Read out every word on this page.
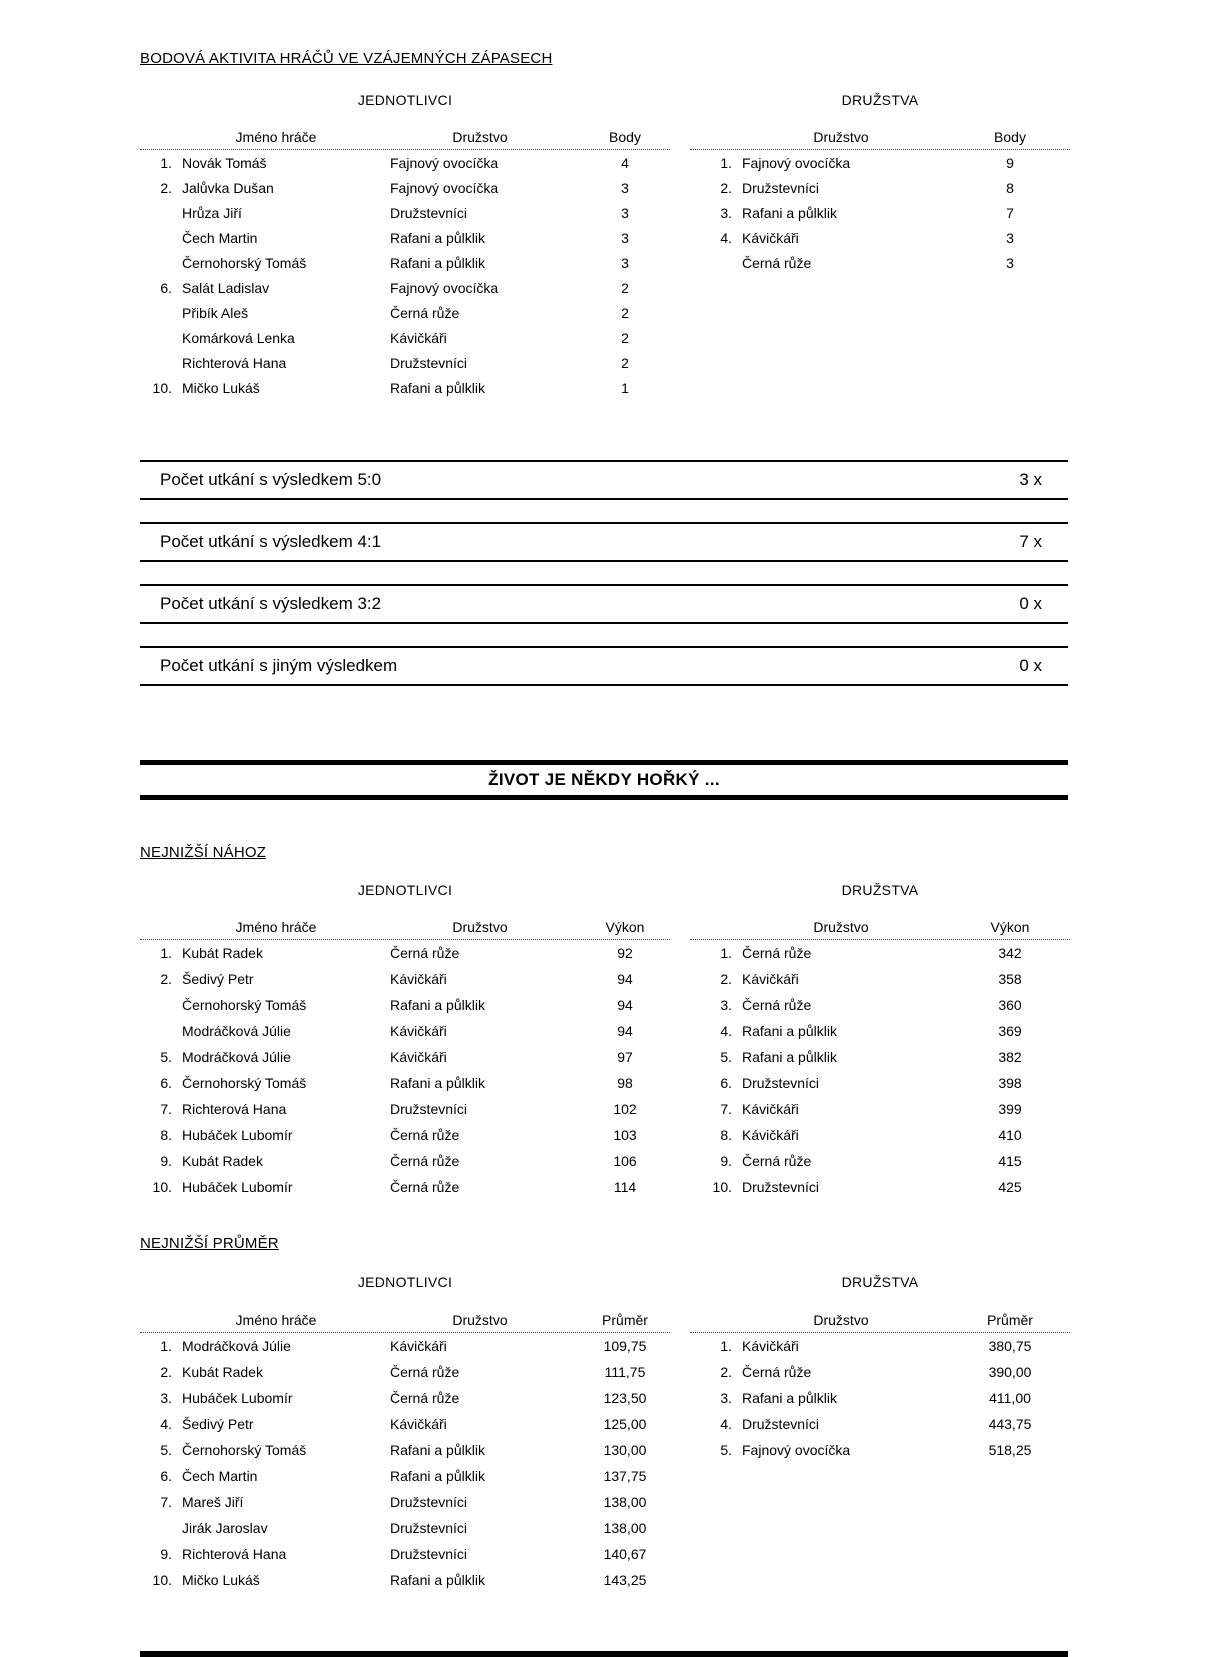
BODOVÁ AKTIVITA HRÁČŮ VE VZÁJEMNÝCH ZÁPASECH
JEDNOTLIVCI	DRUŽSTVA
Jméno hráče	Družstvo	Body
1. Novák Tomáš	Fajnový ovocíčka	4
2. Jalůvka Dušan	Fajnový ovocíčka	3
Hrůza Jiří	Družstevníci	3
Čech Martin	Rafani a půlklik	3
Černohorský Tomáš	Rafani a půlklik	3
6. Salát Ladislav	Fajnový ovocíčka	2
Přibík Aleš	Černá růže	2
Komárková Lenka	Kávičkáři	2
Richterová Hana	Družstevníci	2
10. Mičko Lukáš	Rafani a půlklik	1
Družstvo	Body
1. Fajnový ovocíčka	9
2. Družstevníci	8
3. Rafani a půlklik	7
4. Kávičkáři	3
Černá růže	3
Počet utkání s výsledkem 5:0	3 x
Počet utkání s výsledkem 4:1	7 x
Počet utkání s výsledkem 3:2	0 x
Počet utkání s jiným výsledkem	0 x
ŽIVOT JE NĚKDY HOŘKÝ ...
NEJNIŽŠÍ NÁHOZ
JEDNOTLIVCI	DRUŽSTVA
Jméno hráče	Družstvo	Výkon
1. Kubát Radek	Černá růže	92
2. Šedivý Petr	Kávičkáři	94
Černohorský Tomáš	Rafani a půlklik	94
Modráčková Júlie	Kávičkáři	94
5. Modráčková Júlie	Kávičkáři	97
6. Černohorský Tomáš	Rafani a půlklik	98
7. Richterová Hana	Družstevníci	102
8. Hubáček Lubomír	Černá růže	103
9. Kubát Radek	Černá růže	106
10. Hubáček Lubomír	Černá růže	114
Družstvo	Výkon
1. Černá růže	342
2. Kávičkáři	358
3. Černá růže	360
4. Rafani a půlklik	369
5. Rafani a půlklik	382
6. Družstevníci	398
7. Kávičkáři	399
8. Kávičkáři	410
9. Černá růže	415
10. Družstevníci	425
NEJNIŽŠÍ PRŮMĚR
JEDNOTLIVCI	DRUŽSTVA
Jméno hráče	Družstvo	Průměr
1. Modráčková Júlie	Kávičkáři	109,75
2. Kubát Radek	Černá růže	111,75
3. Hubáček Lubomír	Černá růže	123,50
4. Šedivý Petr	Kávičkáři	125,00
5. Černohorský Tomáš	Rafani a půlklik	130,00
6. Čech Martin	Rafani a půlklik	137,75
7. Mareš Jiří	Družstevníci	138,00
Jirák Jaroslav	Družstevníci	138,00
9. Richterová Hana	Družstevníci	140,67
10. Mičko Lukáš	Rafani a půlklik	143,25
Družstvo	Průměr
1. Kávičkáři	380,75
2. Černá růže	390,00
3. Rafani a půlklik	411,00
4. Družstevníci	443,75
5. Fajnový ovocíčka	518,25
